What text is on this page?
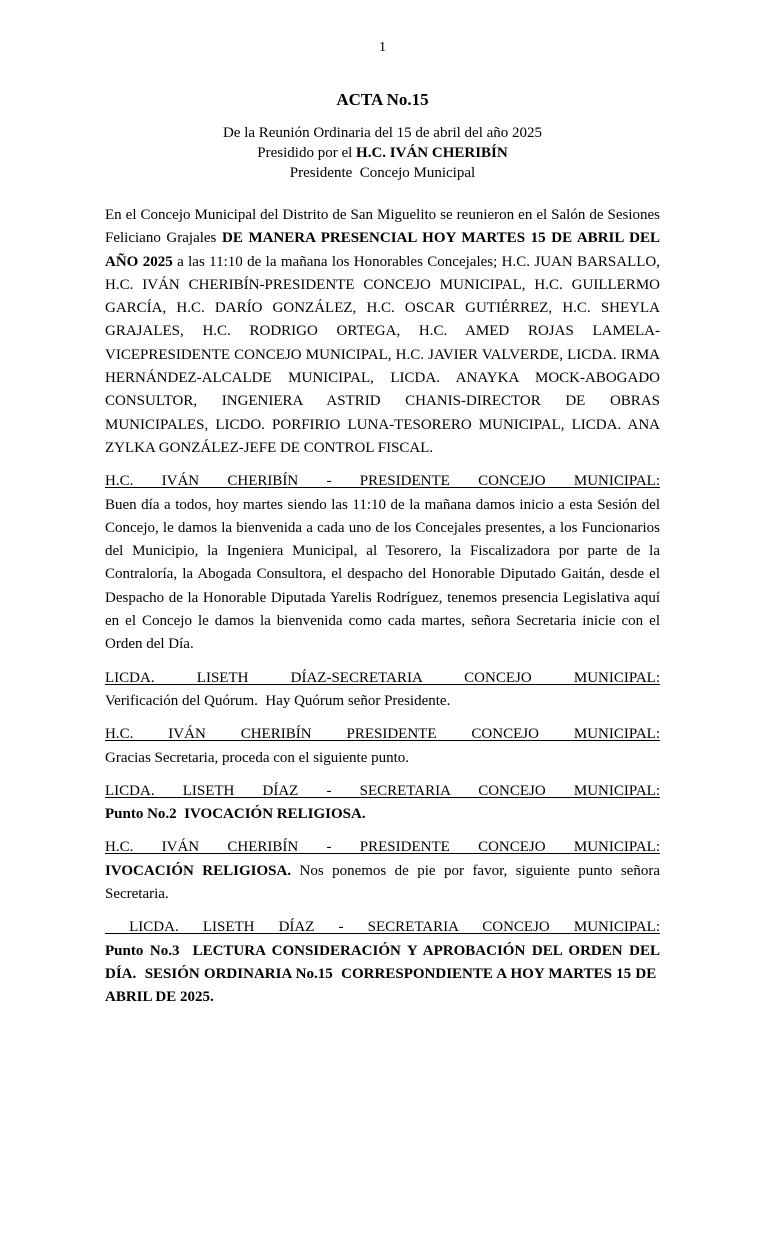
1
ACTA No.15
De la Reunión Ordinaria del 15 de abril del año 2025
Presidido por el H.C. IVÁN CHERIBÍN
Presidente  Concejo Municipal
En el Concejo Municipal del Distrito de San Miguelito se reunieron en el Salón de Sesiones Feliciano Grajales DE MANERA PRESENCIAL HOY MARTES 15 DE ABRIL DEL AÑO 2025 a las 11:10 de la mañana los Honorables Concejales; H.C. JUAN BARSALLO, H.C. IVÁN CHERIBÍN-PRESIDENTE CONCEJO MUNICIPAL, H.C. GUILLERMO GARCÍA, H.C. DARÍO GONZÁLEZ, H.C. OSCAR GUTIÉRREZ, H.C. SHEYLA GRAJALES, H.C. RODRIGO ORTEGA, H.C. AMED ROJAS LAMELA-VICEPRESIDENTE CONCEJO MUNICIPAL, H.C. JAVIER VALVERDE, LICDA. IRMA HERNÁNDEZ-ALCALDE MUNICIPAL, LICDA. ANAYKA MOCK-ABOGADO CONSULTOR, INGENIERA ASTRID CHANIS-DIRECTOR DE OBRAS MUNICIPALES, LICDO. PORFIRIO LUNA-TESORERO MUNICIPAL, LICDA. ANA ZYLKA GONZÁLEZ-JEFE DE CONTROL FISCAL.
H.C. IVÁN CHERIBÍN - PRESIDENTE CONCEJO MUNICIPAL:
Buen día a todos, hoy martes siendo las 11:10 de la mañana damos inicio a esta Sesión del Concejo, le damos la bienvenida a cada uno de los Concejales presentes, a los Funcionarios del Municipio, la Ingeniera Municipal, al Tesorero, la Fiscalizadora por parte de la Contraloría, la Abogada Consultora, el despacho del Honorable Diputado Gaitán, desde el Despacho de la Honorable Diputada Yarelis Rodríguez, tenemos presencia Legislativa aquí en el Concejo le damos la bienvenida como cada martes, señora Secretaria inicie con el Orden del Día.
LICDA. LISETH DÍAZ-SECRETARIA CONCEJO MUNICIPAL:
Verificación del Quórum.  Hay Quórum señor Presidente.
H.C. IVÁN CHERIBÍN PRESIDENTE CONCEJO MUNICIPAL:
Gracias Secretaria, proceda con el siguiente punto.
LICDA. LISETH DÍAZ - SECRETARIA CONCEJO MUNICIPAL:
Punto No.2  IVOCACIÓN RELIGIOSA.
H.C. IVÁN CHERIBÍN - PRESIDENTE CONCEJO MUNICIPAL:
IVOCACIÓN RELIGIOSA. Nos ponemos de pie por favor, siguiente punto señora Secretaria.
LICDA. LISETH DÍAZ - SECRETARIA CONCEJO MUNICIPAL:
Punto No.3  LECTURA CONSIDERACIÓN Y APROBACIÓN DEL ORDEN DEL DÍA.  SESIÓN ORDINARIA No.15  CORRESPONDIENTE A HOY MARTES 15 DE  ABRIL DE 2025.
